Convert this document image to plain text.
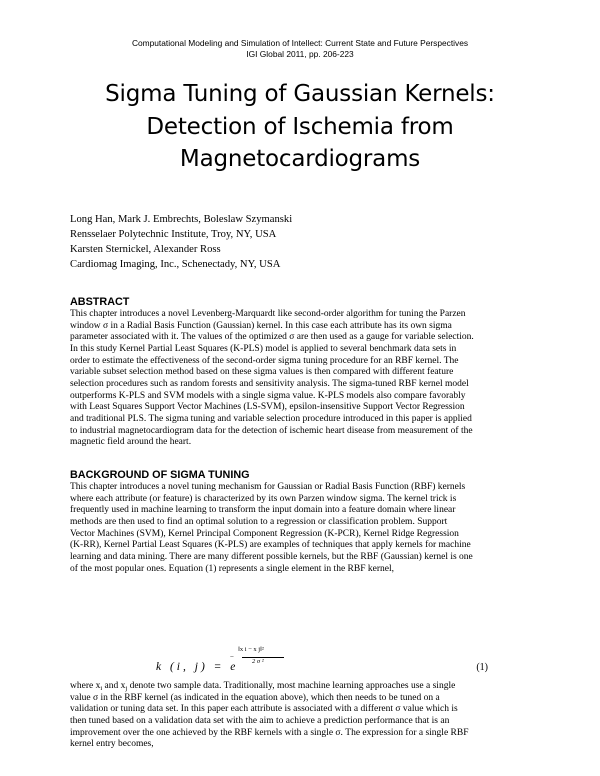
Computational Modeling and Simulation of Intellect: Current State and Future Perspectives
IGI Global 2011, pp. 206-223
Sigma Tuning of Gaussian Kernels:
Detection of Ischemia from
Magnetocardiograms
Long Han, Mark J. Embrechts, Boleslaw Szymanski
Rensselaer Polytechnic Institute, Troy, NY, USA
Karsten Sternickel, Alexander Ross
Cardiomag Imaging, Inc., Schenectady, NY, USA
ABSTRACT

This chapter introduces a novel Levenberg-Marquardt like second-order algorithm for tuning the Parzen
window σ in a Radial Basis Function (Gaussian) kernel. In this case each attribute has its own sigma
parameter associated with it. The values of the optimized σ are then used as a gauge for variable selection.
In this study Kernel Partial Least Squares (K-PLS) model is applied to several benchmark data sets in
order to estimate the effectiveness of the second-order sigma tuning procedure for an RBF kernel. The
variable subset selection method based on these sigma values is then compared with different feature
selection procedures such as random forests and sensitivity analysis. The sigma-tuned RBF kernel model
outperforms K-PLS and SVM models with a single sigma value. K-PLS models also compare favorably
with Least Squares Support Vector Machines (LS-SVM), epsilon-insensitive Support Vector Regression
and traditional PLS. The sigma tuning and variable selection procedure introduced in this paper is applied
to industrial magnetocardiogram data for the detection of ischemic heart disease from measurement of the
magnetic field around the heart.

BACKGROUND OF SIGMA TUNING

This chapter introduces a novel tuning mechanism for Gaussian or Radial Basis Function (RBF) kernels
where each attribute (or feature) is characterized by its own Parzen window sigma. The kernel trick is
frequently used in machine learning to transform the input domain into a feature domain where linear
methods are then used to find an optimal solution to a regression or classification problem. Support
Vector Machines (SVM), Kernel Principal Component Regression (K-PCR), Kernel Ridge Regression
(K-RR), Kernel Partial Least Squares (K-PLS) are examples of techniques that apply kernels for machine
learning and data mining. There are many different possible kernels, but the RBF (Gaussian) kernel is one
of the most popular ones. Equation (1) represents a single element in the RBF kernel,

k (i, j) = e
−
‖x i − x j‖²
2 σ ²
(1)

where $x_i$ and $x_j$ denote two sample data. Traditionally, most machine learning approaches use a single
value σ in the RBF kernel (as indicated in the equation above), which then needs to be tuned on a
validation or tuning data set. In this paper each attribute is associated with a different σ value which is
then tuned based on a validation data set with the aim to achieve a prediction performance that is an
improvement over the one achieved by the RBF kernels with a single σ. The expression for a single RBF
kernel entry becomes,
